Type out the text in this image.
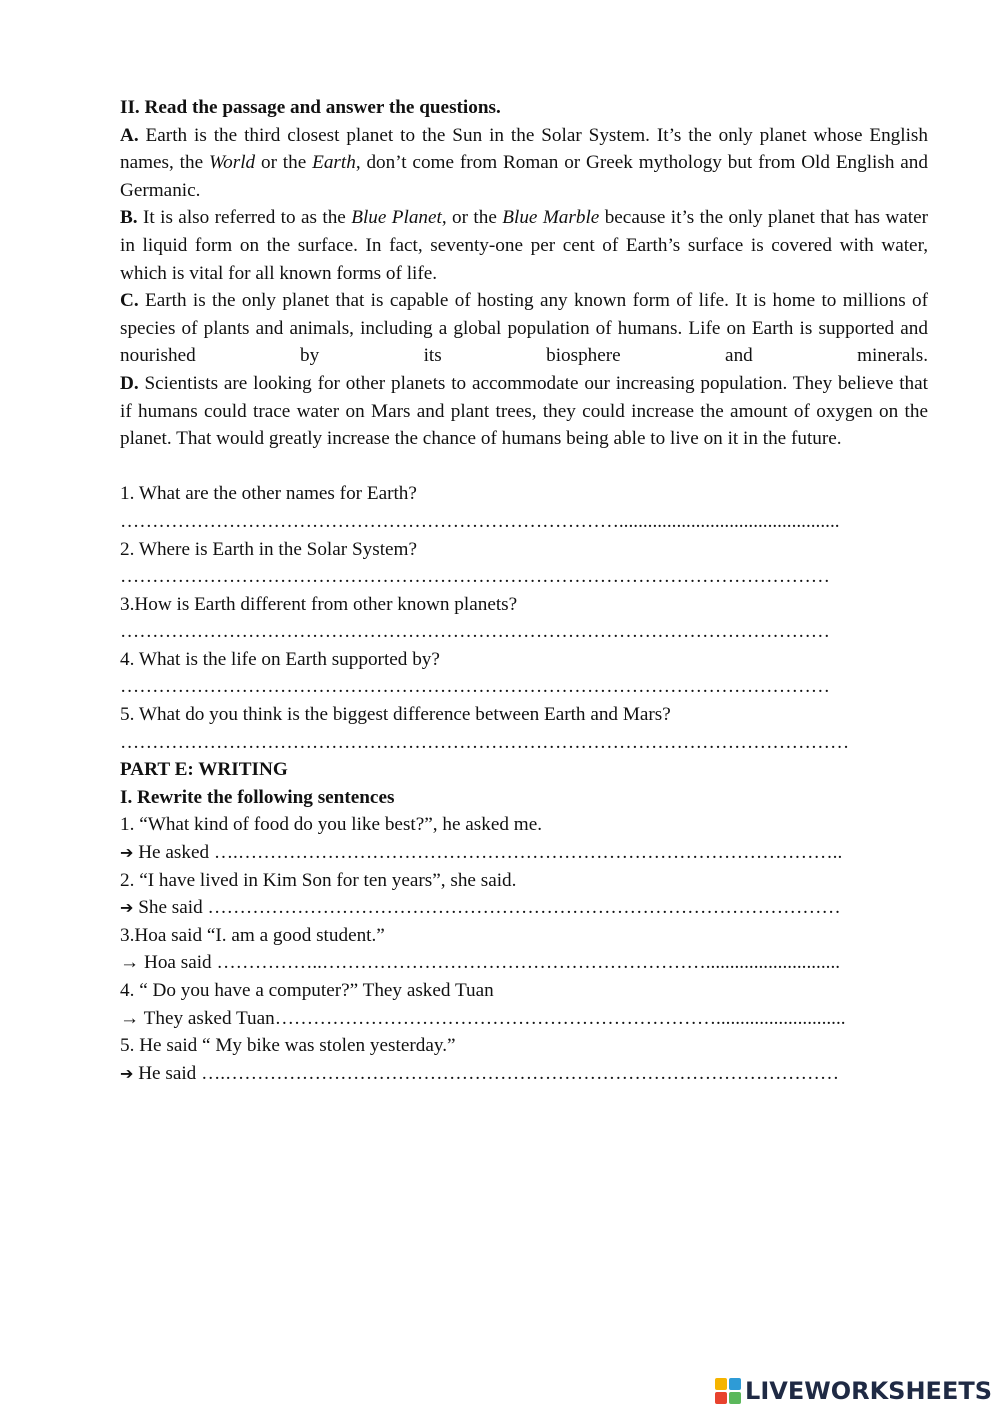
II. Read the passage and answer the questions.

A. Earth is the third closest planet to the Sun in the Solar System. It’s the only planet whose English names, the World or the Earth, don’t come from Roman or Greek mythology but from Old English and Germanic.

B. It is also referred to as the Blue Planet, or the Blue Marble because it’s the only planet that has water in liquid form on the surface. In fact, seventy-one per cent of Earth’s surface is covered with water, which is vital for all known forms of life.

C. Earth is the only planet that is capable of hosting any known form of life. It is home to millions of species of plants and animals, including a global population of humans. Life on Earth is supported and nourished by its biosphere and minerals.

D. Scientists are looking for other planets to accommodate our increasing population. They believe that if humans could trace water on Mars and plant trees, they could increase the amount of oxygen on the planet. That would greatly increase the chance of humans being able to live on it in the future.

1. What are the other names for Earth?

……………………………………………………………………..............................................

2. Where is Earth in the Solar System?

…………………………………………………………………………………………………

3.How is Earth different from other known planets?

…………………………………………………………………………………………………

4. What is the life on Earth supported by?

…………………………………………………………………………………………………

5. What do you think is the biggest difference between Earth and Mars?

……………………………………………………………………………………………………

PART E: WRITING

I. Rewrite the following sentences

1. “What kind of food do you like best?”, he asked me.

➔ He asked ….…………………………………………………………………………………..

2. “I have lived in Kim Son for ten years”, she said.

➔ She said ………………………………………………………………………………………

3.Hoa said “I. am a good student.”

→ Hoa said ……………..……………………………………………………............................

4. “ Do you have a computer?” They asked Tuan

→ They asked Tuan……………………………………………………………...........................

5. He said “ My bike was stolen yesterday.”

➔ He said ….……………………………………………………………………………………

LIVEWORKSHEETS
